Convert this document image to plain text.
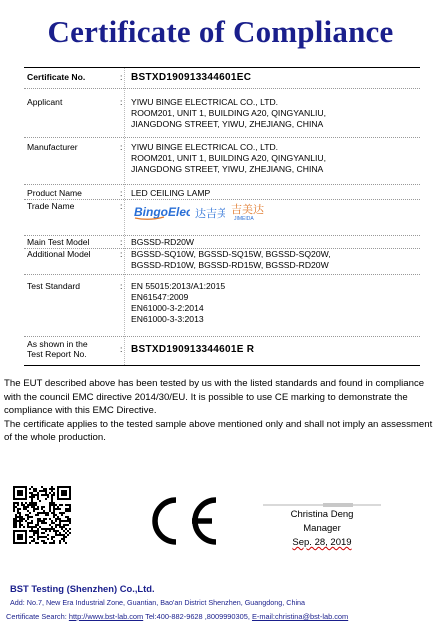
Certificate of Compliance
Certificate No.	: BSTXD190913344601EC
Applicant	: YIWU BINGE ELECTRICAL CO., LTD.
ROOM201, UNIT 1, BUILDING A20, QINGYANLIU,
JIANGDONG STREET, YIWU, ZHEJIANG, CHINA
Manufacturer	: YIWU BINGE ELECTRICAL CO., LTD.
ROOM201, UNIT 1, BUILDING A20, QINGYANLIU,
JIANGDONG STREET, YIWU, ZHEJIANG, CHINA
Product Name	: LED CEILING LAMP
Trade Name	:
Main Test Model	: BGSSD-RD20W
Additional Model	: BGSSD-SQ10W, BGSSD-SQ15W, BGSSD-SQ20W,
BGSSD-RD10W, BGSSD-RD15W, BGSSD-RD20W
Test Standard	: EN 55015:2013/A1:2015
EN61547:2009
EN61000-3-2:2014
EN61000-3-3:2013
As shown in the
Test Report No.	: BSTXD190913344601E R
BingoElec 达吉美 吉美达
JIMEIDA

The EUT described above has been tested by us with the listed standards and found in compliance with the council EMC directive 2014/30/EU. It is possible to use CE marking to demonstrate the compliance with this EMC Directive.

The certificate applies to the tested sample above mentioned only and shall not imply an assessment of the whole production.

Christina Deng
Manager
Sep. 28, 2019
BST Testing (Shenzhen) Co.,Ltd.
Add: No.7, New Era Industrial Zone, Guantian, Bao'an District Shenzhen, Guangdong, China
Certificate Search: http://www.bst-lab.com Tel:400-882-9628 ,8009990305, E-mail:christina@bst-lab.com
